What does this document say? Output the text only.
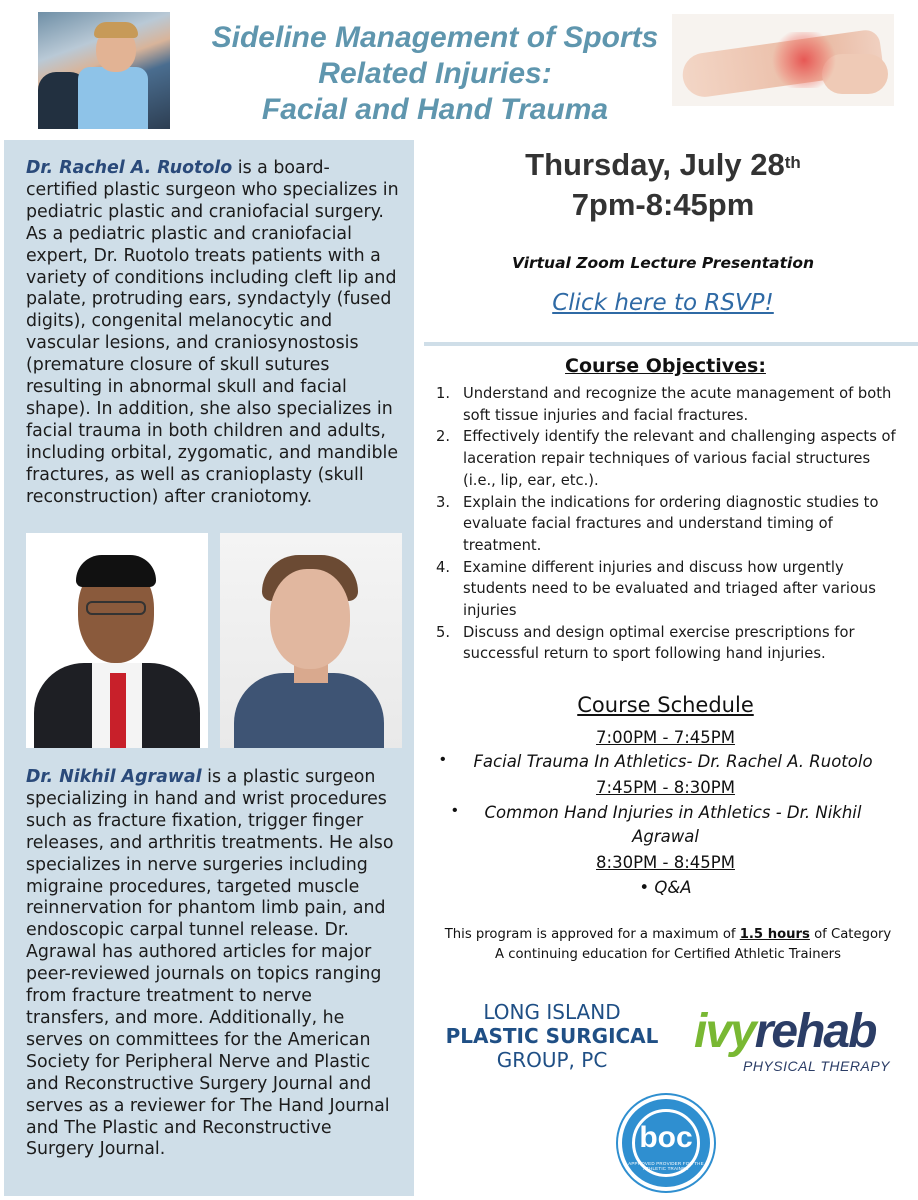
Sideline Management of Sports
Related Injuries:
Facial and Hand Trauma
Dr. Rachel A. Ruotolo is a board-certified plastic surgeon who specializes in pediatric plastic and craniofacial surgery. As a pediatric plastic and craniofacial expert, Dr. Ruotolo treats patients with a variety of conditions including cleft lip and palate, protruding ears, syndactyly (fused digits), congenital melanocytic and vascular lesions, and craniosynostosis (premature closure of skull sutures resulting in abnormal skull and facial shape). In addition, she also specializes in facial trauma in both children and adults, including orbital, zygomatic, and mandible fractures, as well as cranioplasty (skull reconstruction) after craniotomy.
Dr. Nikhil Agrawal is a plastic surgeon specializing in hand and wrist procedures such as fracture fixation, trigger finger releases, and arthritis treatments. He also specializes in nerve surgeries including migraine procedures, targeted muscle reinnervation for phantom limb pain, and endoscopic carpal tunnel release. Dr. Agrawal has authored articles for major peer-reviewed journals on topics ranging from fracture treatment to nerve transfers, and more. Additionally, he serves on committees for the American Society for Peripheral Nerve and Plastic and Reconstructive Surgery Journal and serves as a reviewer for The Hand Journal and The Plastic and Reconstructive Surgery Journal.
Thursday, July 28th
7pm-8:45pm
Virtual Zoom Lecture Presentation
Click here to RSVP!
Course Objectives:
1. Understand and recognize the acute management of both soft tissue injuries and facial fractures.
2. Effectively identify the relevant and challenging aspects of laceration repair techniques of various facial structures (i.e., lip, ear, etc.).
3. Explain the indications for ordering diagnostic studies to evaluate facial fractures and understand timing of treatment.
4. Examine different injuries and discuss how urgently students need to be evaluated and triaged after various injuries
5. Discuss and design optimal exercise prescriptions for successful return to sport following hand injuries.
Course Schedule
7:00PM - 7:45PM
•	Facial Trauma In Athletics- Dr. Rachel A. Ruotolo
7:45PM - 8:30PM
•	Common Hand Injuries in Athletics - Dr. Nikhil
Agrawal
8:30PM - 8:45PM
• Q&A
This program is approved for a maximum of 1.5 hours of Category
A continuing education for Certified Athletic Trainers
LONG ISLAND
PLASTIC SURGICAL
GROUP, PC
ivyrehab
PHYSICAL THERAPY
boc
APPROVED PROVIDER FOR THE ATHLETIC TRAINER
